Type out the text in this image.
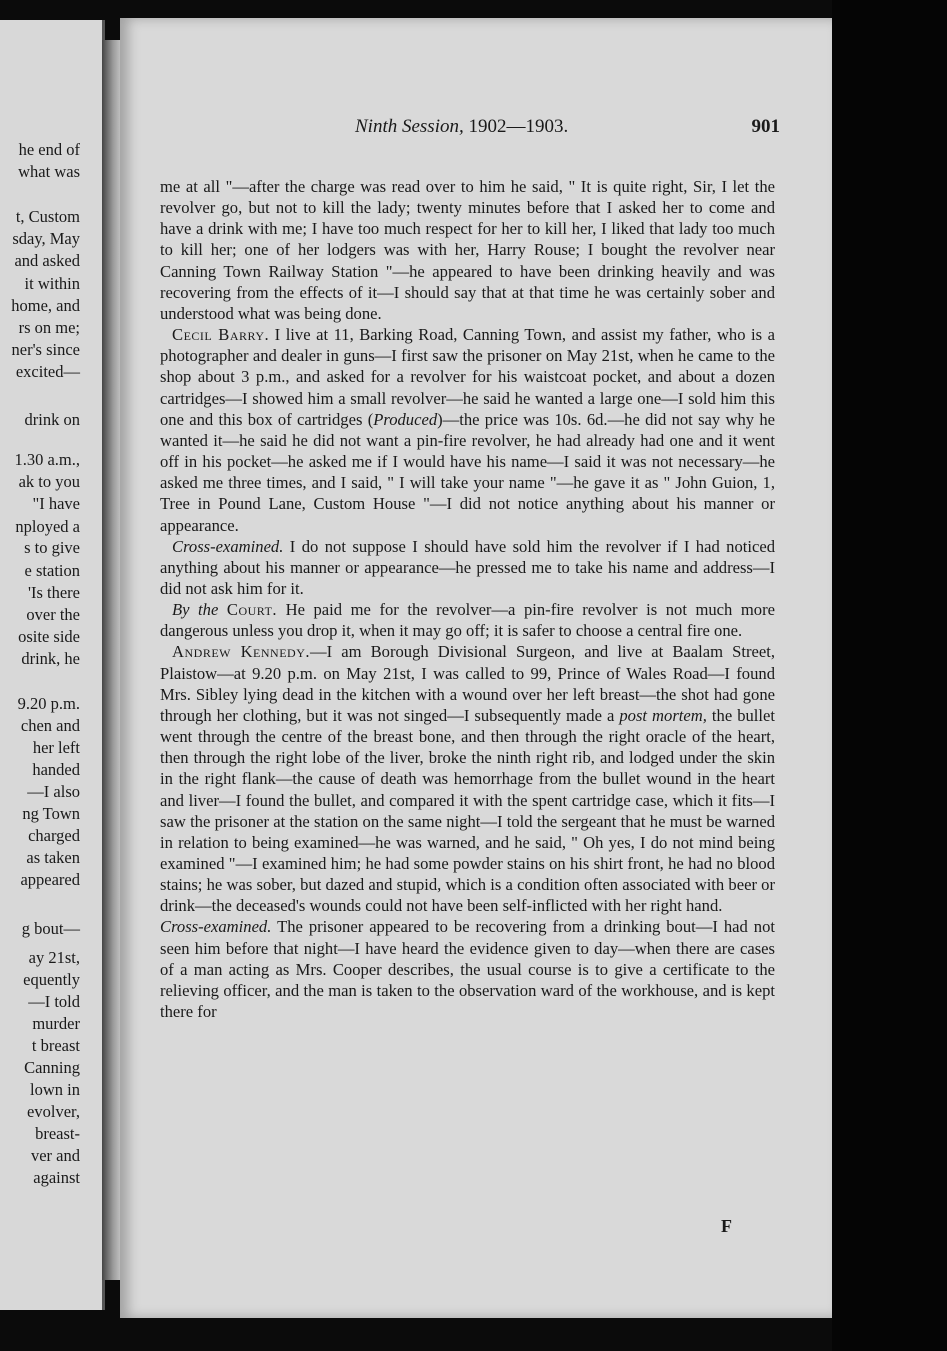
he end of
what was
t, Custom
sday, May
and asked
it within
home, and
rs on me;
ner's since
excited—
drink on
1.30 a.m.,
ak to you
"I have
nployed a
s to give
e station
'Is there
over the
osite side
drink, he
9.20 p.m.
chen and
her left
handed
—I also
ng Town
charged
as taken
appeared
g bout—
ay 21st,
equently
—I told
murder
t breast
Canning
lown in
evolver,
breast-
ver and
against
Ninth Session, 1902—1903.	901

me at all "—after the charge was read over to him he said, " It is quite right, Sir, I let the revolver go, but not to kill the lady; twenty minutes before that I asked her to come and have a drink with me; I have too much respect for her to kill her, I liked that lady too much to kill her; one of her lodgers was with her, Harry Rouse; I bought the revolver near Canning Town Railway Station "—he appeared to have been drinking heavily and was recovering from the effects of it—I should say that at that time he was certainly sober and understood what was being done.

Cecil Barry. I live at 11, Barking Road, Canning Town, and assist my father, who is a photographer and dealer in guns—I first saw the prisoner on May 21st, when he came to the shop about 3 p.m., and asked for a revolver for his waistcoat pocket, and about a dozen cartridges—I showed him a small revolver—he said he wanted a large one—I sold him this one and this box of cartridges (Produced)—the price was 10s. 6d.—he did not say why he wanted it—he said he did not want a pin-fire revolver, he had already had one and it went off in his pocket—he asked me if I would have his name—I said it was not necessary—he asked me three times, and I said, " I will take your name "—he gave it as " John Guion, 1, Tree in Pound Lane, Custom House "—I did not notice anything about his manner or appearance.

Cross-examined. I do not suppose I should have sold him the revolver if I had noticed anything about his manner or appearance—he pressed me to take his name and address—I did not ask him for it.

By the Court. He paid me for the revolver—a pin-fire revolver is not much more dangerous unless you drop it, when it may go off; it is safer to choose a central fire one.

Andrew Kennedy.—I am Borough Divisional Surgeon, and live at Baalam Street, Plaistow—at 9.20 p.m. on May 21st, I was called to 99, Prince of Wales Road—I found Mrs. Sibley lying dead in the kitchen with a wound over her left breast—the shot had gone through her clothing, but it was not singed—I subsequently made a post mortem, the bullet went through the centre of the breast bone, and then through the right oracle of the heart, then through the right lobe of the liver, broke the ninth right rib, and lodged under the skin in the right flank—the cause of death was hemorrhage from the bullet wound in the heart and liver—I found the bullet, and compared it with the spent cartridge case, which it fits—I saw the prisoner at the station on the same night—I told the sergeant that he must be warned in relation to being examined—he was warned, and he said, " Oh yes, I do not mind being examined "—I examined him; he had some powder stains on his shirt front, he had no blood stains; he was sober, but dazed and stupid, which is a condition often associated with beer or drink—the deceased's wounds could not have been self-inflicted with her right hand.

Cross-examined. The prisoner appeared to be recovering from a drinking bout—I had not seen him before that night—I have heard the evidence given to day—when there are cases of a man acting as Mrs. Cooper describes, the usual course is to give a certificate to the relieving officer, and the man is taken to the observation ward of the workhouse, and is kept there for

F
